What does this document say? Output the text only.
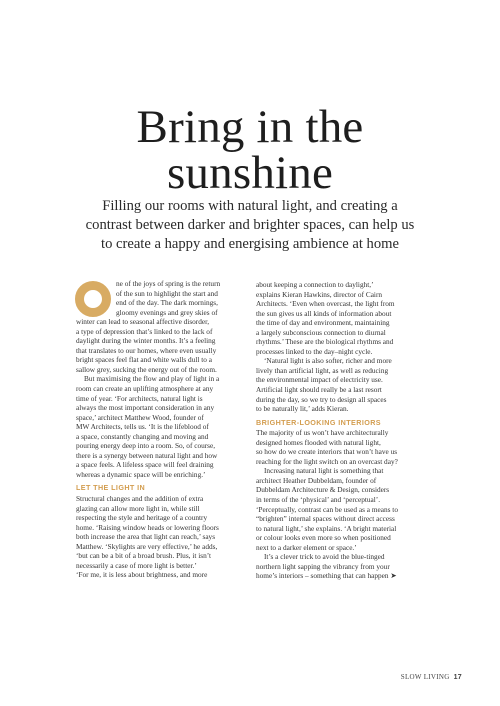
Bring in the
sunshine
Filling our rooms with natural light, and creating a
contrast between darker and brighter spaces, can help us
to create a happy and energising ambience at home
ne of the joys of spring is the return
of the sun to highlight the start and
end of the day. The dark mornings,
gloomy evenings and grey skies of
winter can lead to seasonal affective disorder,
a type of depression that’s linked to the lack of
daylight during the winter months. It’s a feeling
that translates to our homes, where even usually
bright spaces feel flat and white walls dull to a
sallow grey, sucking the energy out of the room.
But maximising the flow and play of light in a
room can create an uplifting atmosphere at any
time of year. ‘For architects, natural light is
always the most important consideration in any
space,’ architect Matthew Wood, founder of
MW Architects, tells us. ‘It is the lifeblood of
a space, constantly changing and moving and
pouring energy deep into a room. So, of course,
there is a synergy between natural light and how
a space feels. A lifeless space will feel draining
whereas a dynamic space will be enriching.’
LET THE LIGHT IN
Structural changes and the addition of extra
glazing can allow more light in, while still
respecting the style and heritage of a country
home. ‘Raising window heads or lowering floors
both increase the area that light can reach,’ says
Matthew. ‘Skylights are very effective,’ he adds,
‘but can be a bit of a broad brush. Plus, it isn’t
necessarily a case of more light is better.’
‘For me, it is less about brightness, and more
about keeping a connection to daylight,’
explains Kieran Hawkins, director of Cairn
Architects. ‘Even when overcast, the light from
the sun gives us all kinds of information about
the time of day and environment, maintaining
a largely subconscious connection to diurnal
rhythms.’ These are the biological rhythms and
processes linked to the day–night cycle.
‘Natural light is also softer, richer and more
lively than artificial light, as well as reducing
the environmental impact of electricity use.
Artificial light should really be a last resort
during the day, so we try to design all spaces
to be naturally lit,’ adds Kieran.
BRIGHTER-LOOKING INTERIORS
The majority of us won’t have architecturally
designed homes flooded with natural light,
so how do we create interiors that won’t have us
reaching for the light switch on an overcast day?
Increasing natural light is something that
architect Heather Dubbeldam, founder of
Dubbeldam Architecture & Design, considers
in terms of the ‘physical’ and ‘perceptual’.
‘Perceptually, contrast can be used as a means to
“brighten” internal spaces without direct access
to natural light,’ she explains. ‘A bright material
or colour looks even more so when positioned
next to a darker element or space.’
It’s a clever trick to avoid the blue-tinged
northern light sapping the vibrancy from your
home’s interiors – something that can happen ➤
SLOW LIVING 17
